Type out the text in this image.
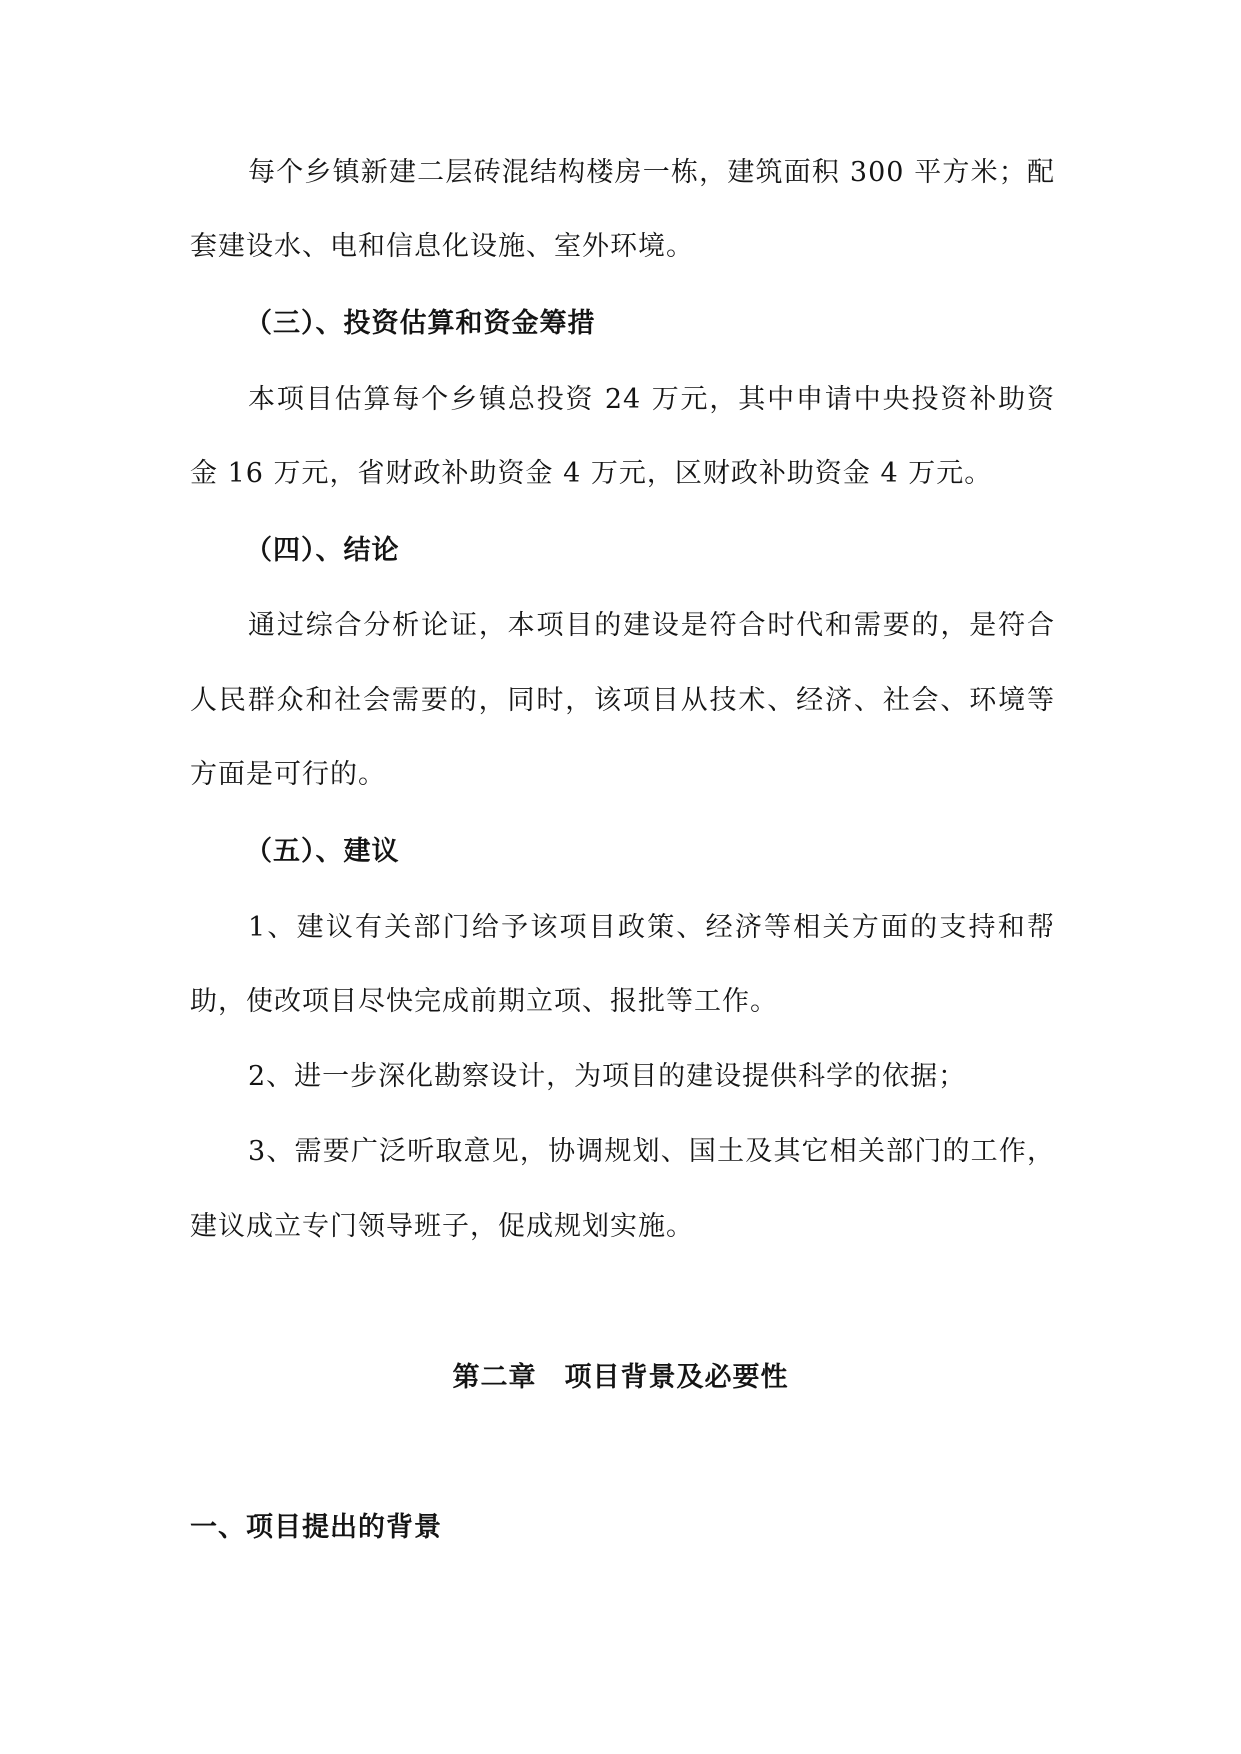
每个乡镇新建二层砖混结构楼房一栋，建筑面积 300 平方米；配
套建设水、电和信息化设施、室外环境。
（三）、投资估算和资金筹措
本项目估算每个乡镇总投资 24 万元，其中申请中央投资补助资
金 16 万元，省财政补助资金 4 万元，区财政补助资金 4 万元。
（四）、结论
通过综合分析论证，本项目的建设是符合时代和需要的，是符合
人民群众和社会需要的，同时，该项目从技术、经济、社会、环境等
方面是可行的。
（五）、建议
1、建议有关部门给予该项目政策、经济等相关方面的支持和帮
助，使改项目尽快完成前期立项、报批等工作。
2、进一步深化勘察设计，为项目的建设提供科学的依据；
3、需要广泛听取意见，协调规划、国土及其它相关部门的工作，
建议成立专门领导班子，促成规划实施。
第二章　项目背景及必要性
一、项目提出的背景
